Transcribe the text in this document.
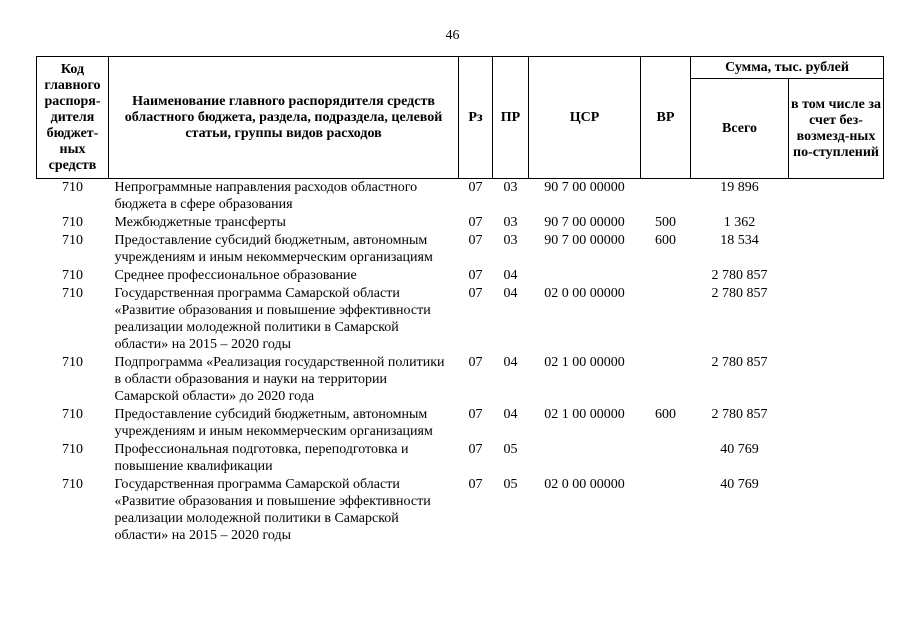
46
Код главного распоря-дителя бюджет-ных средств	Наименование главного распорядителя средств областного бюджета, раздела, подраздела, целевой статьи, группы видов расходов	Рз	ПР	ЦСР	ВР	Сумма, тыс. рублей	
						Всего	в том числе за счет без-возмезд-ных по-ступлений
710	Непрограммные направления расходов областного бюджета в сфере образования	07	03	90 7 00 00000		19 896	
710	Межбюджетные трансферты	07	03	90 7 00 00000	500	1 362	
710	Предоставление субсидий бюджетным, автономным учреждениям и иным некоммерческим организациям	07	03	90 7 00 00000	600	18 534	
710	Среднее профессиональное образование	07	04			2 780 857	
710	Государственная программа Самарской области «Развитие образования и повышение эффективности реализации молодежной политики в Самарской области» на 2015 – 2020 годы	07	04	02 0 00 00000		2 780 857	
710	Подпрограмма «Реализация государственной политики в области образования и науки на территории Самарской области» до 2020 года	07	04	02 1 00 00000		2 780 857	
710	Предоставление субсидий бюджетным, автономным учреждениям и иным некоммерческим организациям	07	04	02 1 00 00000	600	2 780 857	
710	Профессиональная подготовка, переподготовка и повышение квалификации	07	05			40 769	
710	Государственная программа Самарской области «Развитие образования и повышение эффективности реализации молодежной политики в Самарской области» на 2015 – 2020 годы	07	05	02 0 00 00000		40 769	
